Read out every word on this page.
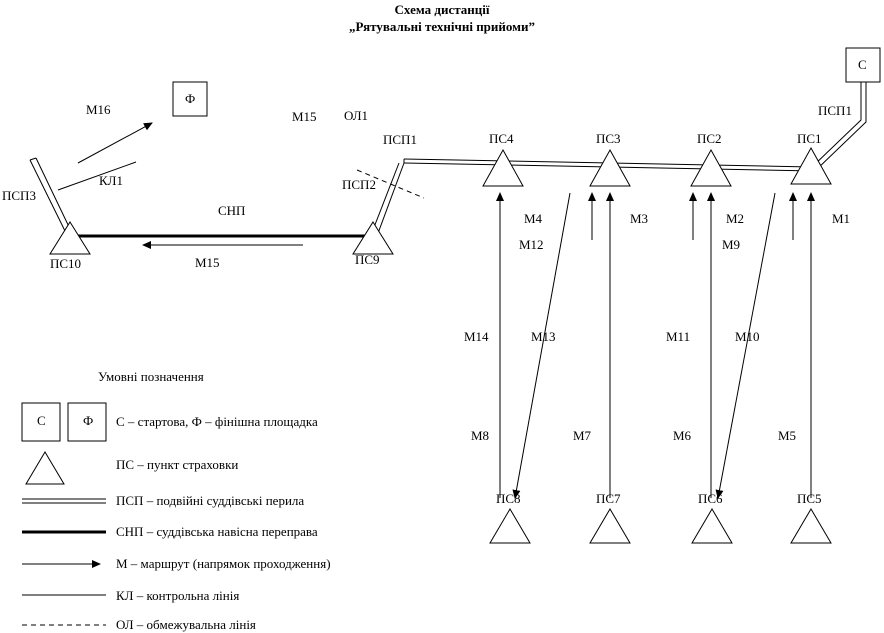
Схема дистанції
„Рятувальні технічні прийоми”
С
Ф
ПСП1
ПСП1
ПСП2
ПСП3
СНП
КЛ1
ОЛ1
М16	М15
М15
ПС4	ПС3	ПС2	ПС1
ПС9
ПС10
ПС8	ПС7	ПС6	ПС5
М4
М12
М3	М2
М9
М1
М14	М13	М11	М10
М8	М7	М6	М5
Умовні позначення
С	Ф С – стартова, Ф – фінішна площадка
ПС – пункт страховки
ПСП – подвійні суддівські перила
СНП – суддівська навісна переправа
М – маршрут (напрямок проходження)
КЛ – контрольна лінія
ОЛ – обмежувальна лінія
